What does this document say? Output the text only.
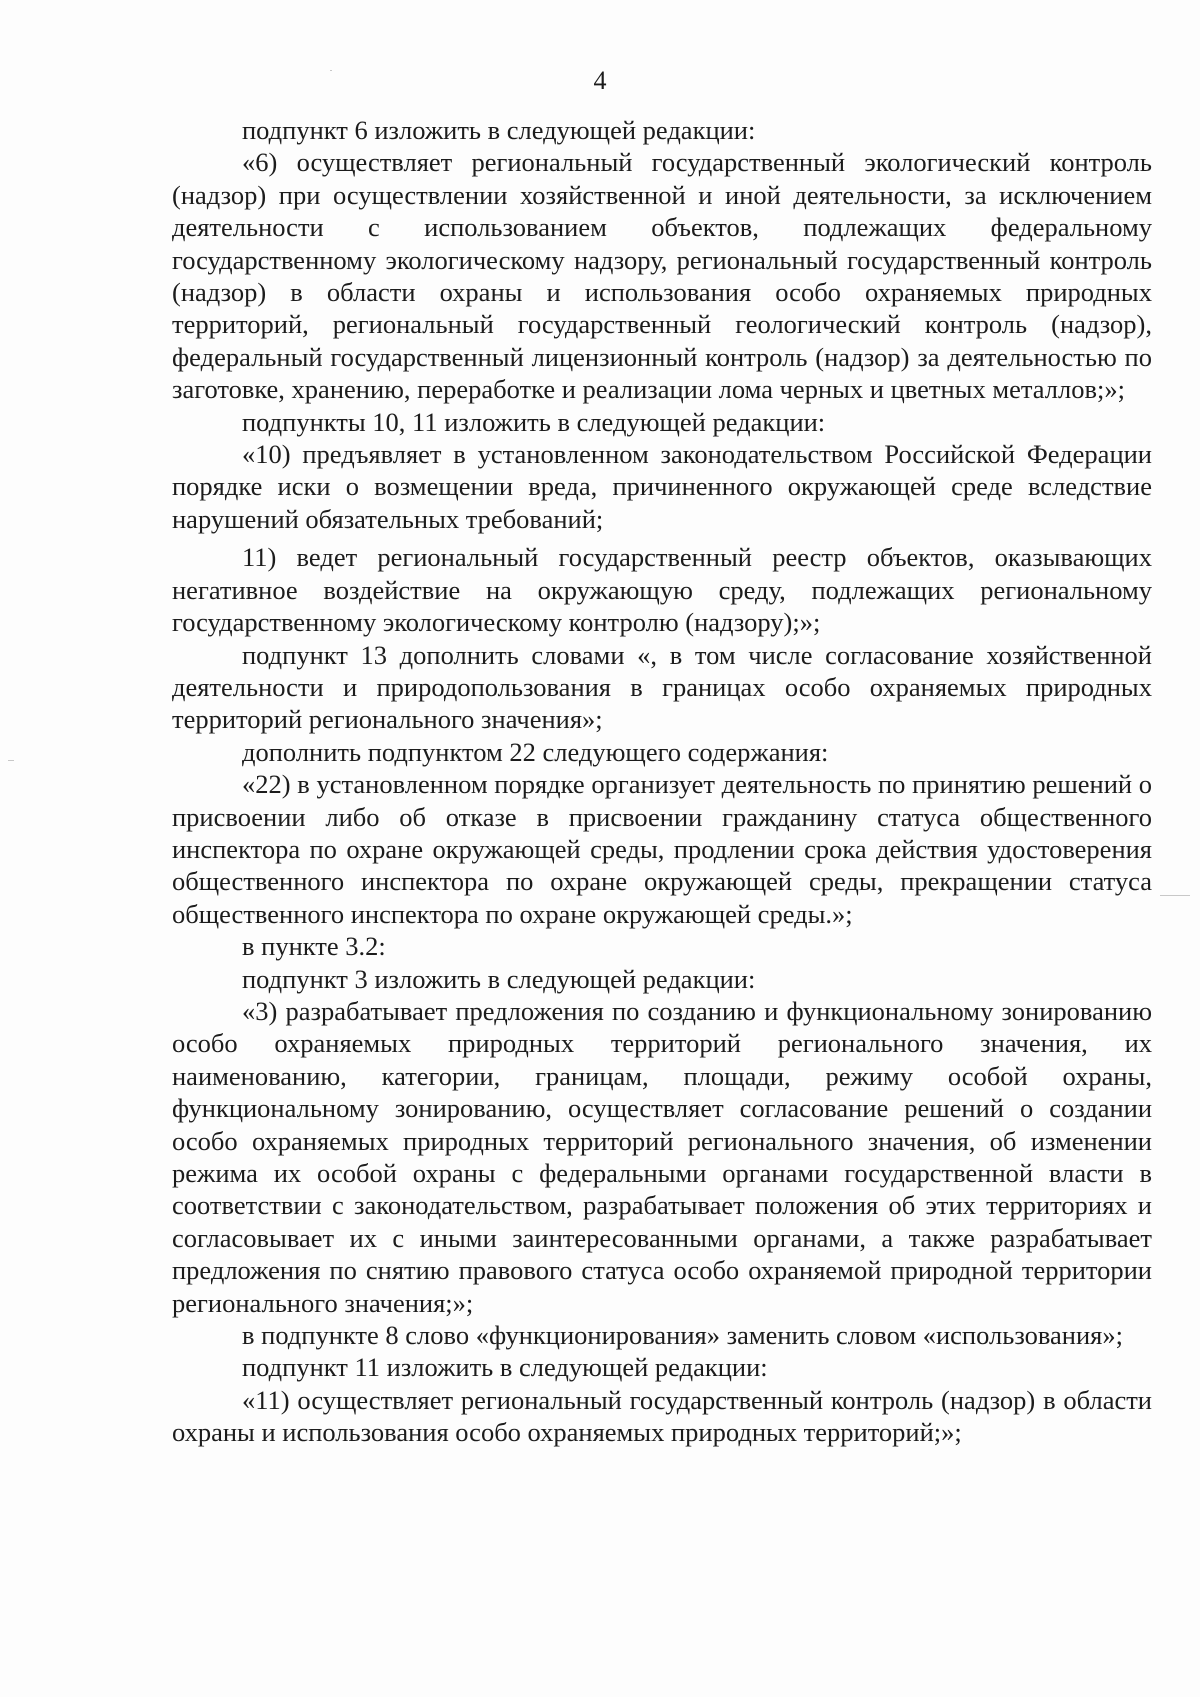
4

подпункт 6 изложить в следующей редакции:

«6) осуществляет региональный государственный экологический контроль (надзор) при осуществлении хозяйственной и иной деятельности, за исключением деятельности с использованием объектов, подлежащих федеральному государственному экологическому надзору, региональный государственный контроль (надзор) в области охраны и использования особо охраняемых природных территорий, региональный государственный геологический контроль (надзор), федеральный государственный лицензионный контроль (надзор) за деятельностью по заготовке, хранению, переработке и реализации лома черных и цветных металлов;»;

подпункты 10, 11 изложить в следующей редакции:

«10) предъявляет в установленном законодательством Российской Федерации порядке иски о возмещении вреда, причиненного окружающей среде вследствие нарушений обязательных требований;

11) ведет региональный государственный реестр объектов, оказывающих негативное воздействие на окружающую среду, подлежащих региональному государственному экологическому контролю (надзору);»;

подпункт 13 дополнить словами «, в том числе согласование хозяйственной деятельности и природопользования в границах особо охраняемых природных территорий регионального значения»;

дополнить подпунктом 22 следующего содержания:

«22) в установленном порядке организует деятельность по принятию решений о присвоении либо об отказе в присвоении гражданину статуса общественного инспектора по охране окружающей среды, продлении срока действия удостоверения общественного инспектора по охране окружающей среды, прекращении статуса общественного инспектора по охране окружающей среды.»;

в пункте 3.2:

подпункт 3 изложить в следующей редакции:

«3) разрабатывает предложения по созданию и функциональному зонированию особо охраняемых природных территорий регионального значения, их наименованию, категории, границам, площади, режиму особой охраны, функциональному зонированию, осуществляет согласование решений о создании особо охраняемых природных территорий регионального значения, об изменении режима их особой охраны с федеральными органами государственной власти в соответствии с законодательством, разрабатывает положения об этих территориях и согласовывает их с иными заинтересованными органами, а также разрабатывает предложения по снятию правового статуса особо охраняемой природной территории регионального значения;»;

в подпункте 8 слово «функционирования» заменить словом «использования»;

подпункт 11 изложить в следующей редакции:

«11) осуществляет региональный государственный контроль (надзор) в области охраны и использования особо охраняемых природных территорий;»;
